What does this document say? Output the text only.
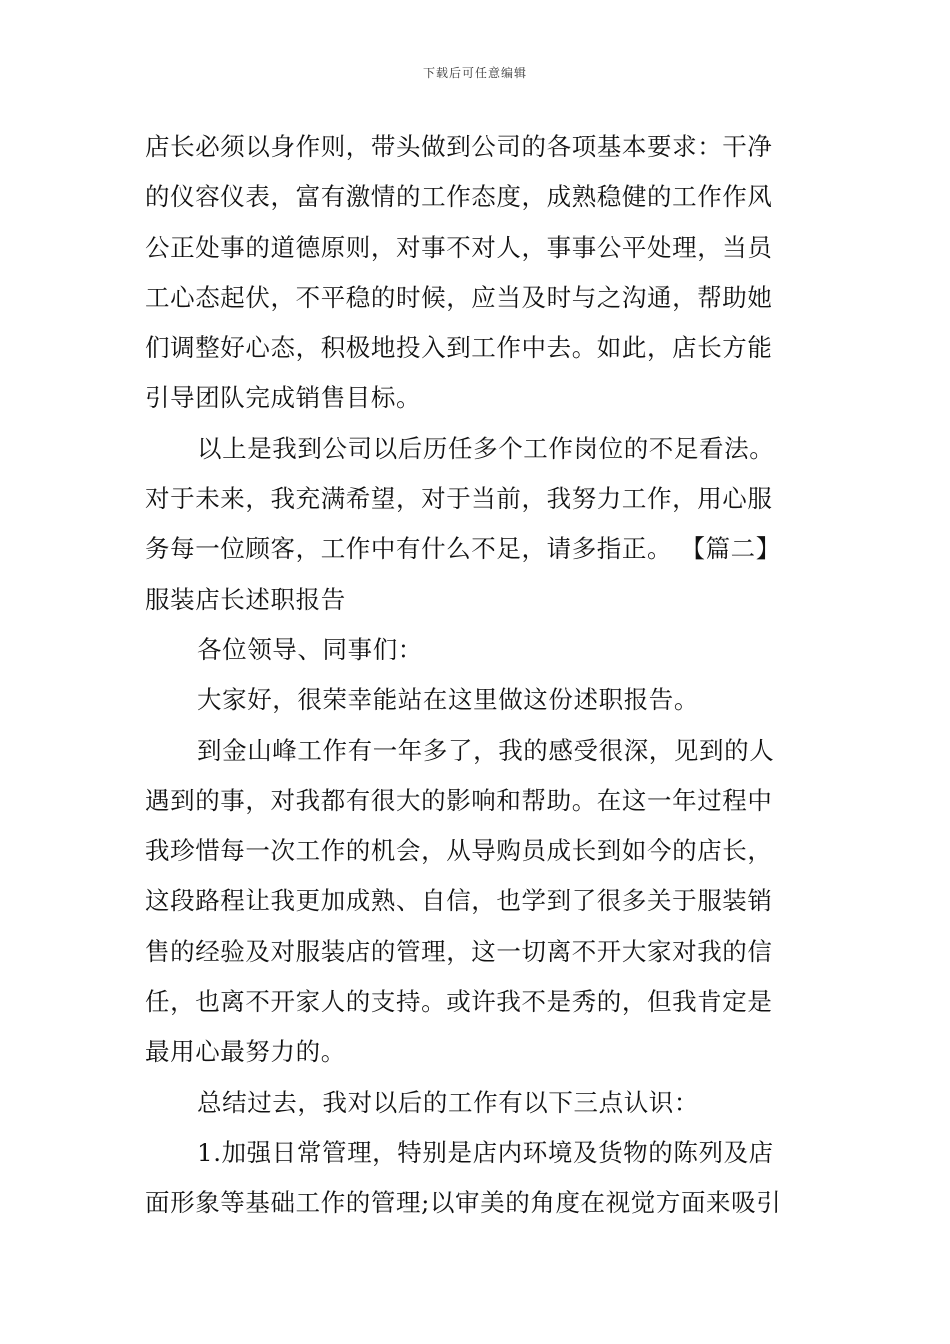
下载后可任意编辑
店长必须以身作则，带头做到公司的各项基本要求：干净
的仪容仪表，富有激情的工作态度，成熟稳健的工作作风
公正处事的道德原则，对事不对人，事事公平处理，当员
工心态起伏，不平稳的时候，应当及时与之沟通，帮助她
们调整好心态，积极地投入到工作中去。如此，店长方能
引导团队完成销售目标。
以上是我到公司以后历任多个工作岗位的不足看法。
对于未来，我充满希望，对于当前，我努力工作，用心服
务每一位顾客，工作中有什么不足，请多指正。 【篇二】
服装店长述职报告
各位领导、同事们：
大家好，很荣幸能站在这里做这份述职报告。
到金山峰工作有一年多了，我的感受很深，见到的人
遇到的事，对我都有很大的影响和帮助。在这一年过程中
我珍惜每一次工作的机会，从导购员成长到如今的店长，
这段路程让我更加成熟、自信，也学到了很多关于服装销
售的经验及对服装店的管理，这一切离不开大家对我的信
任，也离不开家人的支持。或许我不是秀的，但我肯定是
最用心最努力的。
总结过去，我对以后的工作有以下三点认识：
1.加强日常管理，特别是店内环境及货物的陈列及店
面形象等基础工作的管理;以审美的角度在视觉方面来吸引
